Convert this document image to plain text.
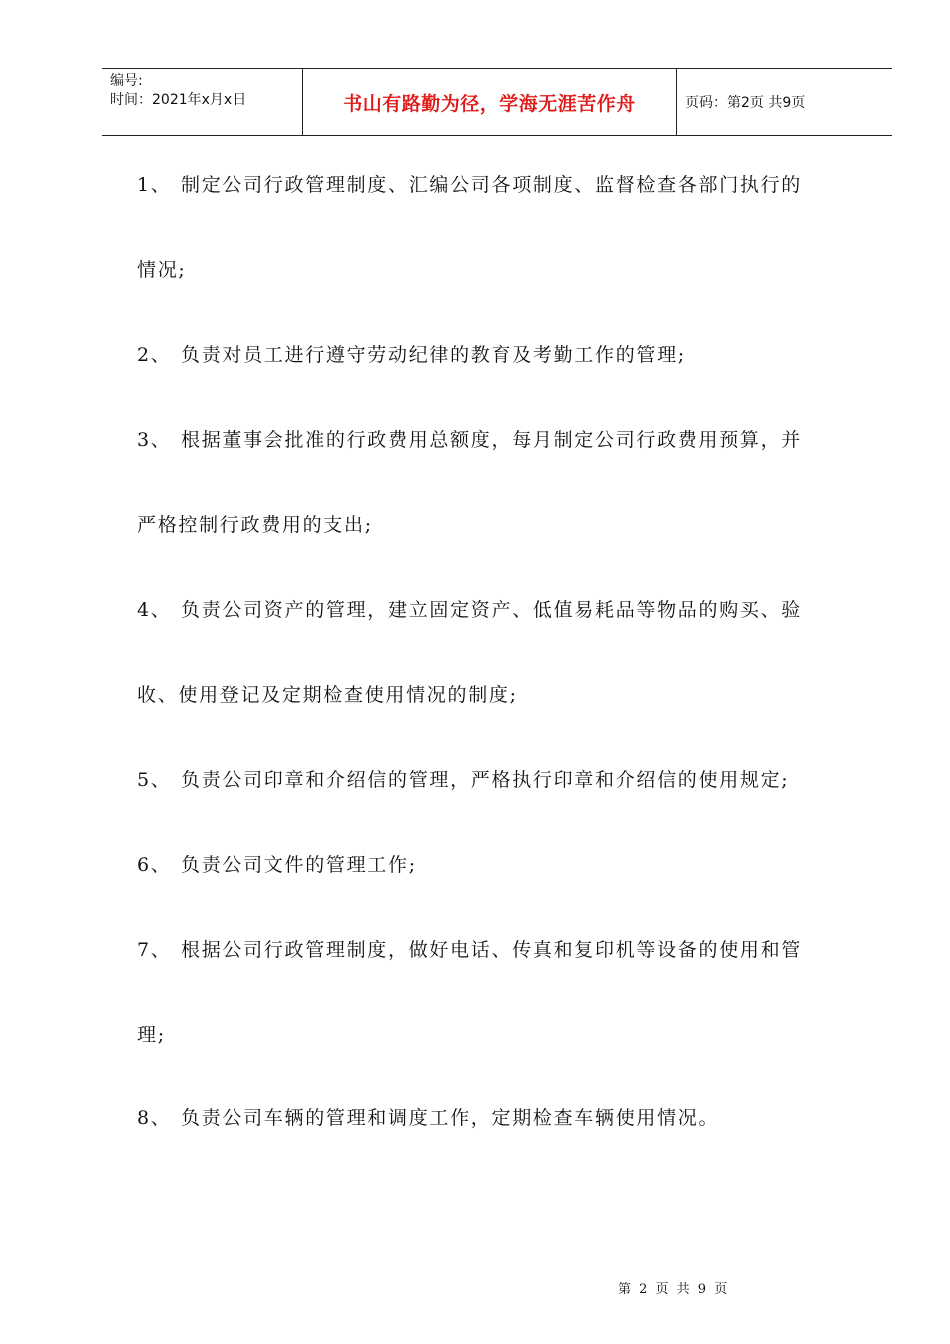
编号:
时间：2021年x月x日	书山有路勤为径，学海无涯苦作舟	页码：第2页 共9页
1、 制定公司行政管理制度、汇编公司各项制度、监督检查各部门执行的
情况;
2、 负责对员工进行遵守劳动纪律的教育及考勤工作的管理;
3、 根据董事会批准的行政费用总额度，每月制定公司行政费用预算，并
严格控制行政费用的支出;
4、 负责公司资产的管理，建立固定资产、低值易耗品等物品的购买、验
收、使用登记及定期检查使用情况的制度;
5、 负责公司印章和介绍信的管理，严格执行印章和介绍信的使用规定;
6、 负责公司文件的管理工作;
7、 根据公司行政管理制度，做好电话、传真和复印机等设备的使用和管
理;
8、 负责公司车辆的管理和调度工作，定期检查车辆使用情况。
第 2 页 共 9 页
